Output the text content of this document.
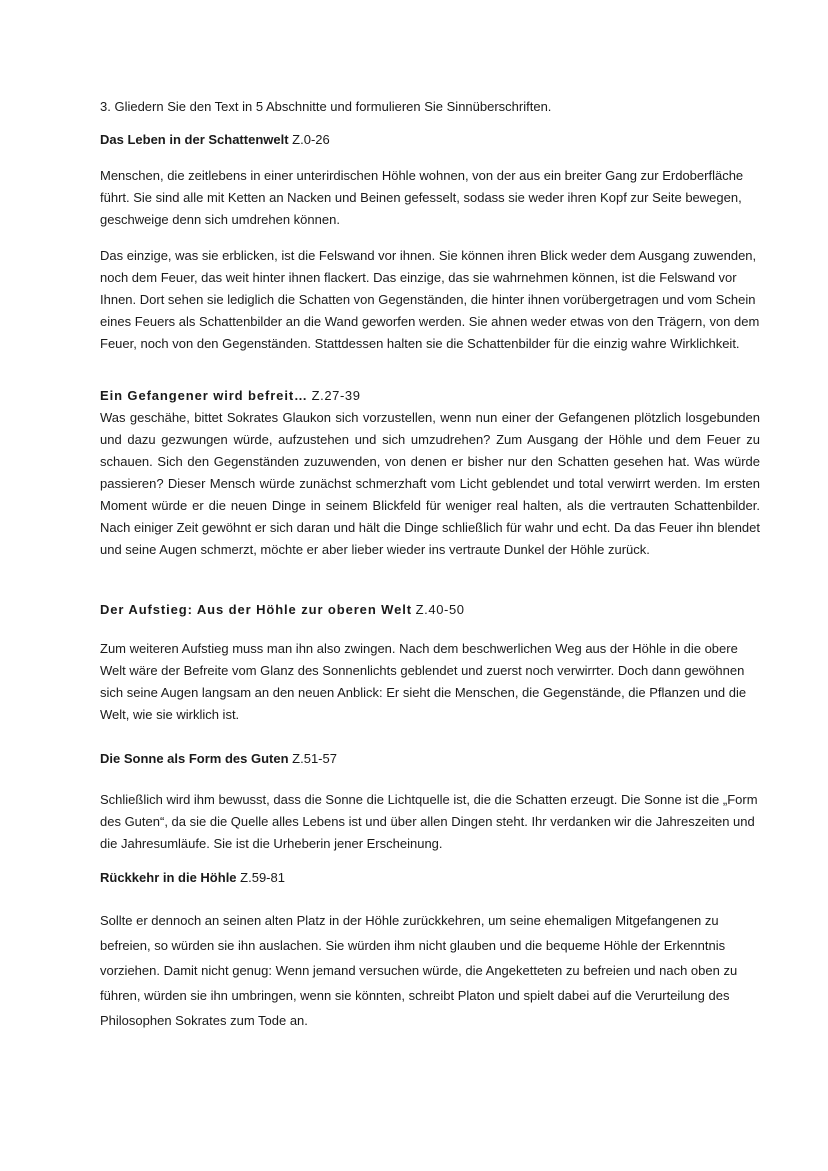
3. Gliedern Sie den Text in 5 Abschnitte und formulieren Sie Sinnüberschriften.

Das Leben in der Schattenwelt Z.0-26

Menschen, die zeitlebens in einer unterirdischen Höhle wohnen, von der aus ein breiter Gang zur Erdoberfläche führt. Sie sind alle mit Ketten an Nacken und Beinen gefesselt, sodass sie weder ihren Kopf zur Seite bewegen, geschweige denn sich umdrehen können.

Das einzige, was sie erblicken, ist die Felswand vor ihnen. Sie können ihren Blick weder dem Ausgang zuwenden, noch dem Feuer, das weit hinter ihnen flackert. Das einzige, das sie wahrnehmen können, ist die Felswand vor Ihnen. Dort sehen sie lediglich die Schatten von Gegenständen, die hinter ihnen vorübergetragen und vom Schein eines Feuers als Schattenbilder an die Wand geworfen werden. Sie ahnen weder etwas von den Trägern, von dem Feuer, noch von den Gegenständen. Stattdessen halten sie die Schattenbilder für die einzig wahre Wirklichkeit.

Ein Gefangener wird befreit… Z.27-39

Was geschähe, bittet Sokrates Glaukon sich vorzustellen, wenn nun einer der Gefangenen plötzlich losgebunden und dazu gezwungen würde, aufzustehen und sich umzudrehen? Zum Ausgang der Höhle und dem Feuer zu schauen. Sich den Gegenständen zuzuwenden, von denen er bisher nur den Schatten gesehen hat. Was würde passieren? Dieser Mensch würde zunächst schmerzhaft vom Licht geblendet und total verwirrt werden. Im ersten Moment würde er die neuen Dinge in seinem Blickfeld für weniger real halten, als die vertrauten Schattenbilder. Nach einiger Zeit gewöhnt er sich daran und hält die Dinge schließlich für wahr und echt. Da das Feuer ihn blendet und seine Augen schmerzt, möchte er aber lieber wieder ins vertraute Dunkel der Höhle zurück.

Der Aufstieg: Aus der Höhle zur oberen Welt Z.40-50

Zum weiteren Aufstieg muss man ihn also zwingen. Nach dem beschwerlichen Weg aus der Höhle in die obere Welt wäre der Befreite vom Glanz des Sonnenlichts geblendet und zuerst noch verwirrter. Doch dann gewöhnen sich seine Augen langsam an den neuen Anblick: Er sieht die Menschen, die Gegenstände, die Pflanzen und die Welt, wie sie wirklich ist.

Die Sonne als Form des Guten Z.51-57

Schließlich wird ihm bewusst, dass die Sonne die Lichtquelle ist, die die Schatten erzeugt. Die Sonne ist die „Form des Guten“, da sie die Quelle alles Lebens ist und über allen Dingen steht. Ihr verdanken wir die Jahreszeiten und die Jahresumläufe. Sie ist die Urheberin jener Erscheinung.

Rückkehr in die Höhle Z.59-81

Sollte er dennoch an seinen alten Platz in der Höhle zurückkehren, um seine ehemaligen Mitgefangenen zu befreien, so würden sie ihn auslachen. Sie würden ihm nicht glauben und die bequeme Höhle der Erkenntnis vorziehen. Damit nicht genug: Wenn jemand versuchen würde, die Angeketteten zu befreien und nach oben zu führen, würden sie ihn umbringen, wenn sie könnten, schreibt Platon und spielt dabei auf die Verurteilung des Philosophen Sokrates zum Tode an.
